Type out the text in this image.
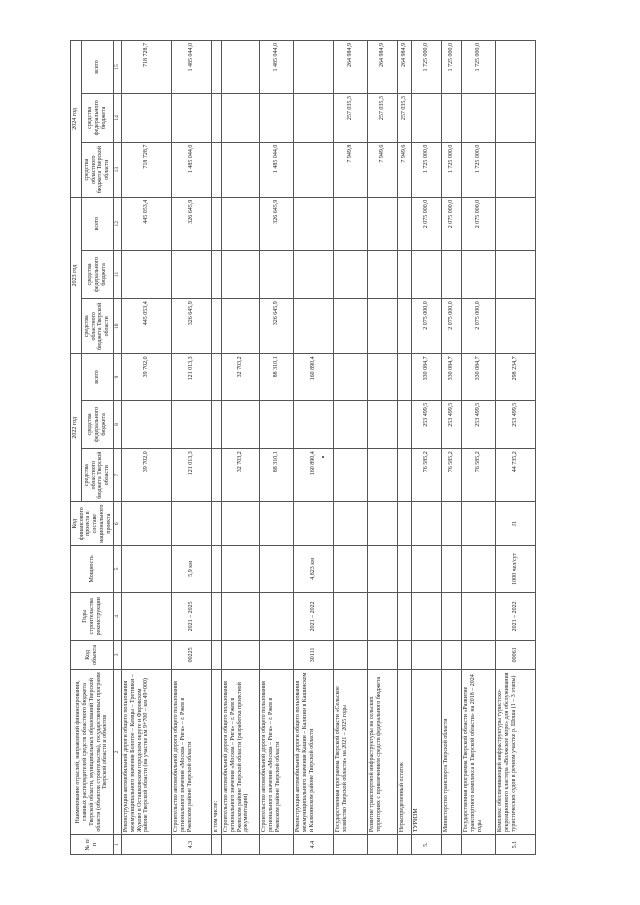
№ п/п	Наименование отраслей, направлений финансирования, главных распорядителей средств областного бюджета Тверской области, муниципальных образований Тверской области (объектов строительства), государственных программ Тверской области и объектов	Код объекта	Годы строительства реконструкции	Мощность	Код финансового проекта в составе национального проекта	2022 год			2023 год			2024 год		
						средства областного бюджета Тверской области	средства федерального бюджета	всего	средства областного бюджета Тверской области	средства федерального бюджета	всего	средства областного бюджета Тверской области	средства федерального бюджета	всего
1	2	3	4	5	6	7	8	9	10	11	12	13	14	15
	Реконструкция автомобильной дороги общего пользования межмуниципального значения Бологое – Кемцы – Третники – Жуково в Осташковском городском округе и Фировском районе Тверской области (на участке км 9+700 – км 49+000)					39 702,0		39 702,0	445 053,4		445 053,4	718 728,7		718 728,7
4.3	Строительство автомобильной дороги общего пользования регионального значения «Москва – Рига» – г. Ржев в Ржевском районе Тверской области	00225	2021 – 2025	5,9 км		121 013,3		121 013,3	326 645,9		326 645,9	1 485 044,0		1 485 044,0
	в том числе:													
	Строительство автомобильной дороги общего пользования регионального значения «Москва – Рига» – г. Ржев в Ржевском районе Тверской области (разработка проектной документации)					32 703,2		32 703,2						
	Строительство автомобильной дороги общего пользования регионального значения «Москва – Рига» – г. Ржев в Ржевском районе Тверской области					88 310,1		88 310,1	326 645,9		326 645,9	1 485 044,0		1 485 044,0
4.4	Реконструкция автомобильной дороги общего пользования межмуниципального значения Кашин – Калязин в Кашинском и Калязинском районе Тверской области	30111	2021 – 2022	4,823 км		160 890,4		160 890,4						
	Государственная программа Тверской области «Сельское хозяйство Тверской области» на 2021 – 2025 годы											7 949,8	257 035,3	264 984,9
	Развитие транспортной инфраструктуры на сельских территориях с привлечением средств федерального бюджета											7 949,6	257 035,3	264 984,9
	Нераспределенный остаток											7 949,6	257 035,3	264 984,9
5.	ТУРИЗМ					76 585,2	253 499,5	330 084,7	2 075 000,0		2 075 000,0	1 725 000,0		1 725 000,0
	Министерство транспорта Тверской области					76 585,2	253 499,5	330 084,7	2 075 000,0		2 075 000,0	1 725 000,0		1 725 000,0
	Государственная программа Тверской области «Развитие транспортного комплекса в Тверской области» на 2018 – 2024 годы					76 585,2	253 499,5	330 084,7	2 075 000,0		2 075 000,0	1 725 000,0		1 725 000,0
5.1	Комплекс обеспечивающей инфраструктуры туристско-рекреационного кластера «Волжское море» для обслуживания туристических судов в речном участке р. Шоша (1 – 3 этапы)	00061	2021 – 2022	1000 чел/сут	J1	44 735,2	253 499,5	298 234,7						
